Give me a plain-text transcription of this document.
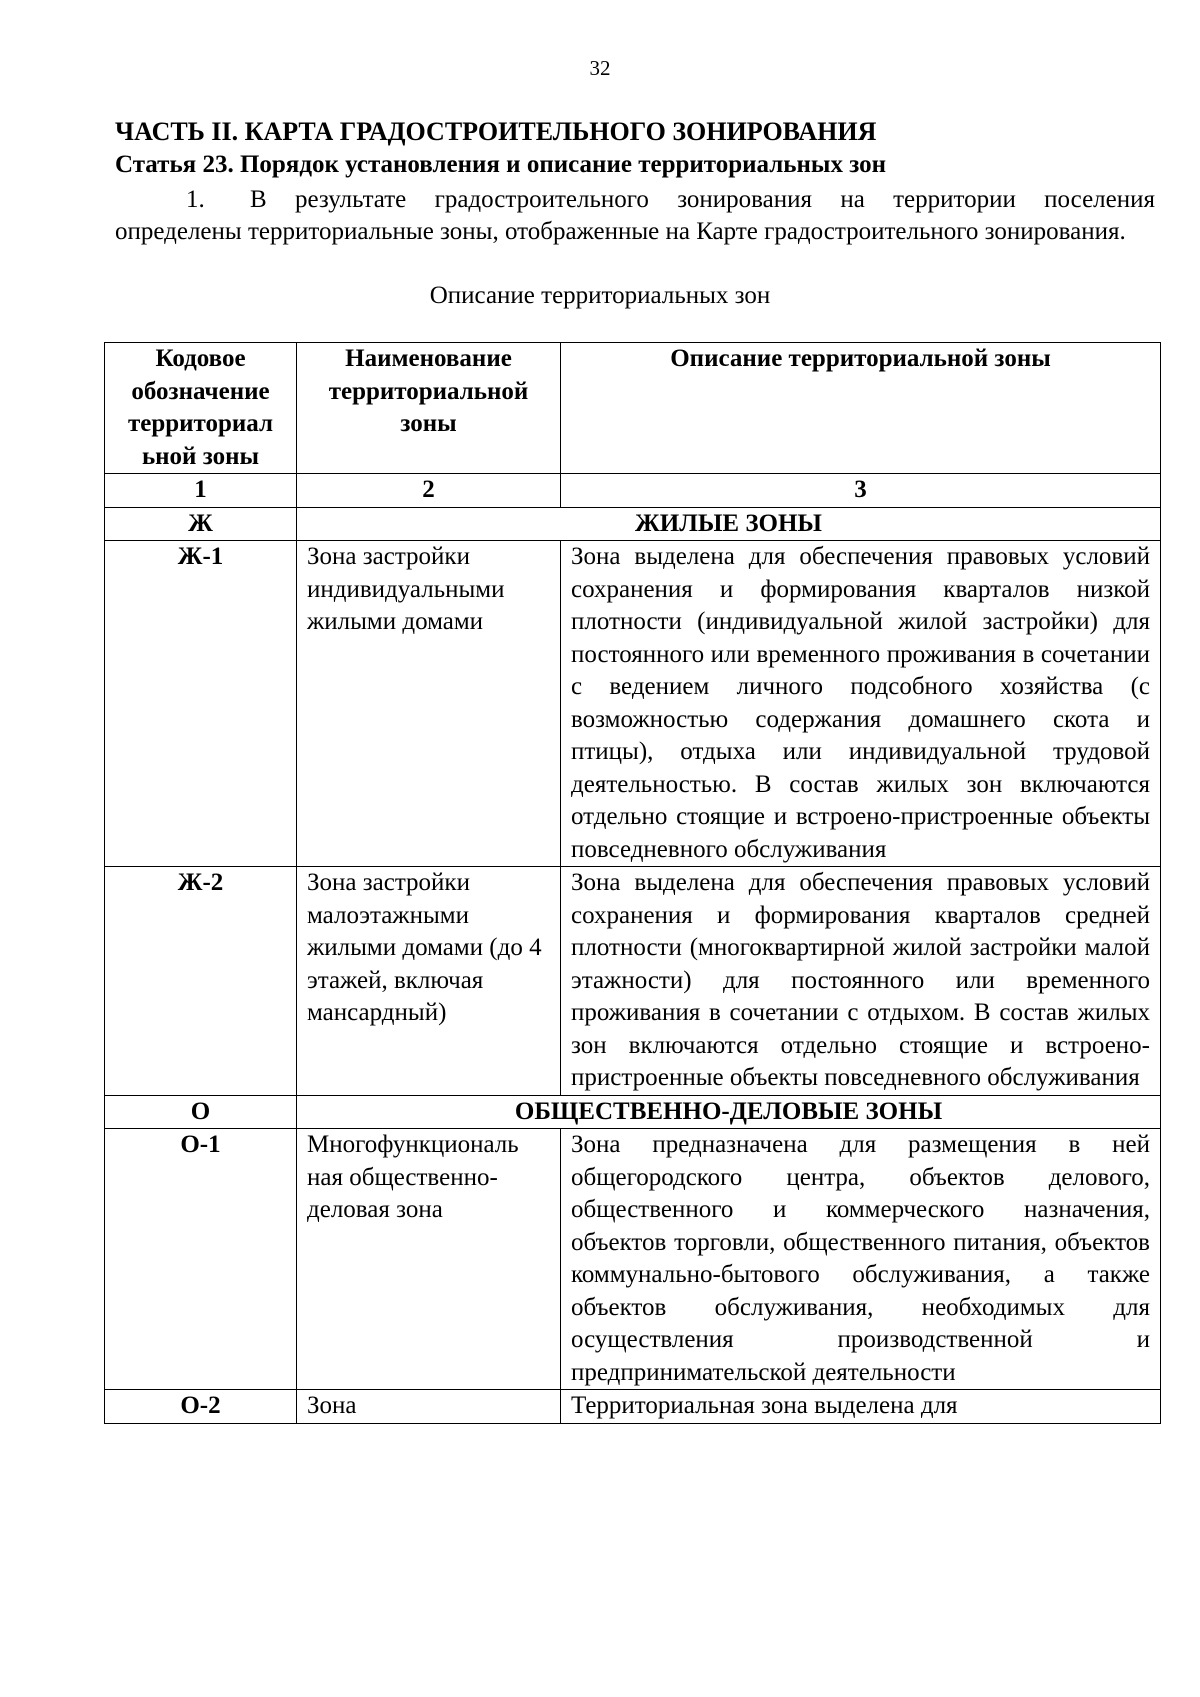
32
ЧАСТЬ II. КАРТА ГРАДОСТРОИТЕЛЬНОГО ЗОНИРОВАНИЯ
Статья 23. Порядок установления и описание территориальных зон
1. В результате градостроительного зонирования на территории поселения определены территориальные зоны, отображенные на Карте градостроительного зонирования.
Описание территориальных зон
Кодовое обозначение территориал ьной зоны	Наименование территориальной зоны	Описание территориальной зоны
1	2	3
Ж	ЖИЛЫЕ ЗОНЫ	
Ж-1	Зона застройки индивидуальными жилыми домами	Зона выделена для обеспечения правовых условий сохранения и формирования кварталов низкой плотности (индивидуальной жилой застройки) для постоянного или временного проживания в сочетании с ведением личного подсобного хозяйства (с возможностью содержания домашнего скота и птицы), отдыха или индивидуальной трудовой деятельностью. В состав жилых зон включаются отдельно стоящие и встроено-пристроенные объекты повседневного обслуживания
Ж-2	Зона застройки малоэтажными жилыми домами (до 4 этажей, включая мансардный)	Зона выделена для обеспечения правовых условий сохранения и формирования кварталов средней плотности (многоквартирной жилой застройки малой этажности) для постоянного или временного проживания в сочетании с отдыхом. В состав жилых зон включаются отдельно стоящие и встроено-пристроенные объекты повседневного обслуживания
О	ОБЩЕСТВЕННО-ДЕЛОВЫЕ ЗОНЫ	
О-1	Многофункциональ ная общественно-деловая зона	Зона предназначена для размещения в ней общегородского центра, объектов делового, общественного и коммерческого назначения, объектов торговли, общественного питания, объектов коммунально-бытового обслуживания, а также объектов обслуживания, необходимых для осуществления производственной и предпринимательской деятельности
О-2	Зона	Территориальная зона выделена для
